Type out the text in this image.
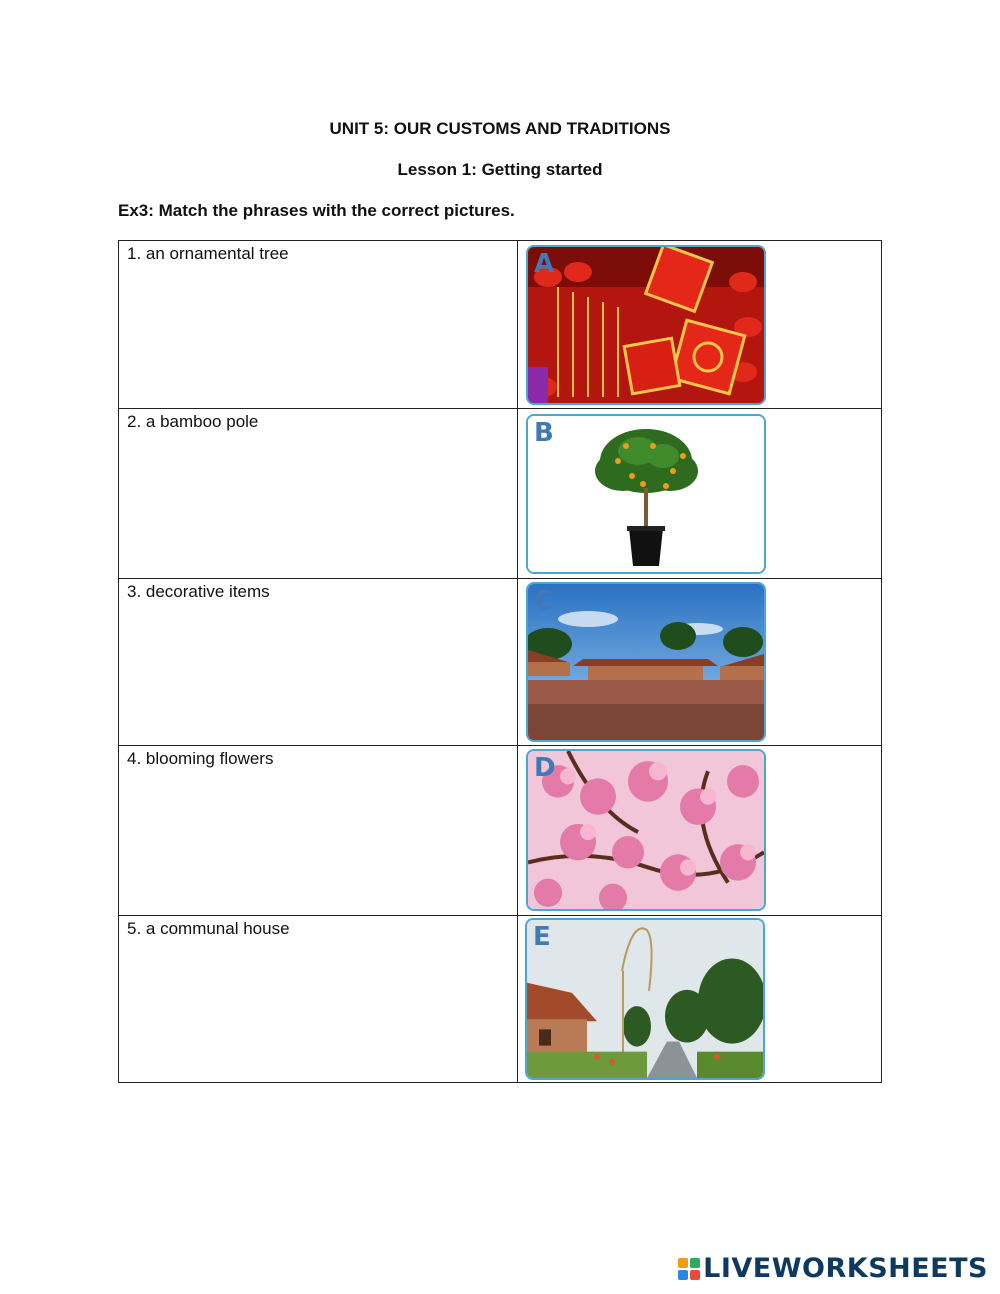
UNIT 5: OUR CUSTOMS AND TRADITIONS
Lesson 1: Getting started
Ex3: Match the phrases with the correct pictures.
1. an ornamental tree	A

2. a bamboo pole	B

3. decorative items	C

4. blooming flowers	D

5. a communal house	E
LIVEWORKSHEETS
